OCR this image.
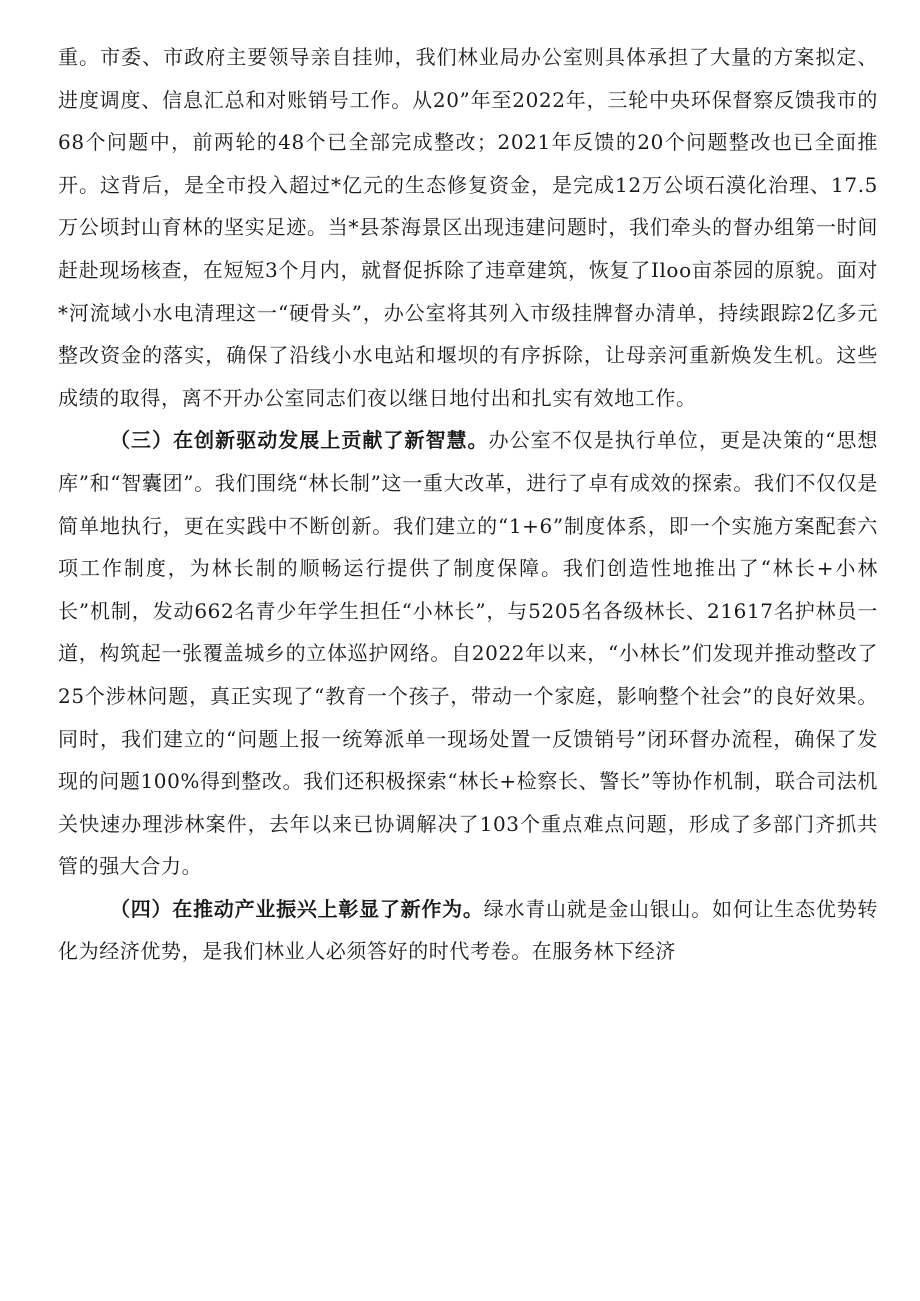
重。市委、市政府主要领导亲自挂帅，我们林业局办公室则具体承担了大量的方案拟定、进度调度、信息汇总和对账销号工作。从20”年至2022年，三轮中央环保督察反馈我市的68个问题中，前两轮的48个已全部完成整改；2021年反馈的20个问题整改也已全面推开。这背后，是全市投入超过*亿元的生态修复资金，是完成12万公顷石漠化治理、17.5万公顷封山育林的坚实足迹。当*县茶海景区出现违建问题时，我们牵头的督办组第一时间赶赴现场核查，在短短3个月内，就督促拆除了违章建筑，恢复了Iloo亩茶园的原貌。面对*河流域小水电清理这一“硬骨头”，办公室将其列入市级挂牌督办清单，持续跟踪2亿多元整改资金的落实，确保了沿线小水电站和堰坝的有序拆除，让母亲河重新焕发生机。这些成绩的取得，离不开办公室同志们夜以继日地付出和扎实有效地工作。

（三）在创新驱动发展上贡献了新智慧。办公室不仅是执行单位，更是决策的“思想库”和“智囊团”。我们围绕“林长制”这一重大改革，进行了卓有成效的探索。我们不仅仅是简单地执行，更在实践中不断创新。我们建立的“1+6”制度体系，即一个实施方案配套六项工作制度，为林长制的顺畅运行提供了制度保障。我们创造性地推出了“林长+小林长”机制，发动662名青少年学生担任“小林长”，与5205名各级林长、21617名护林员一道，构筑起一张覆盖城乡的立体巡护网络。自2022年以来，“小林长”们发现并推动整改了25个涉林问题，真正实现了“教育一个孩子，带动一个家庭，影响整个社会”的良好效果。同时，我们建立的“问题上报一统筹派单一现场处置一反馈销号”闭环督办流程，确保了发现的问题100%得到整改。我们还积极探索“林长+检察长、警长”等协作机制，联合司法机关快速办理涉林案件，去年以来已协调解决了103个重点难点问题，形成了多部门齐抓共管的强大合力。

（四）在推动产业振兴上彰显了新作为。绿水青山就是金山银山。如何让生态优势转化为经济优势，是我们林业人必须答好的时代考卷。在服务林下经济
